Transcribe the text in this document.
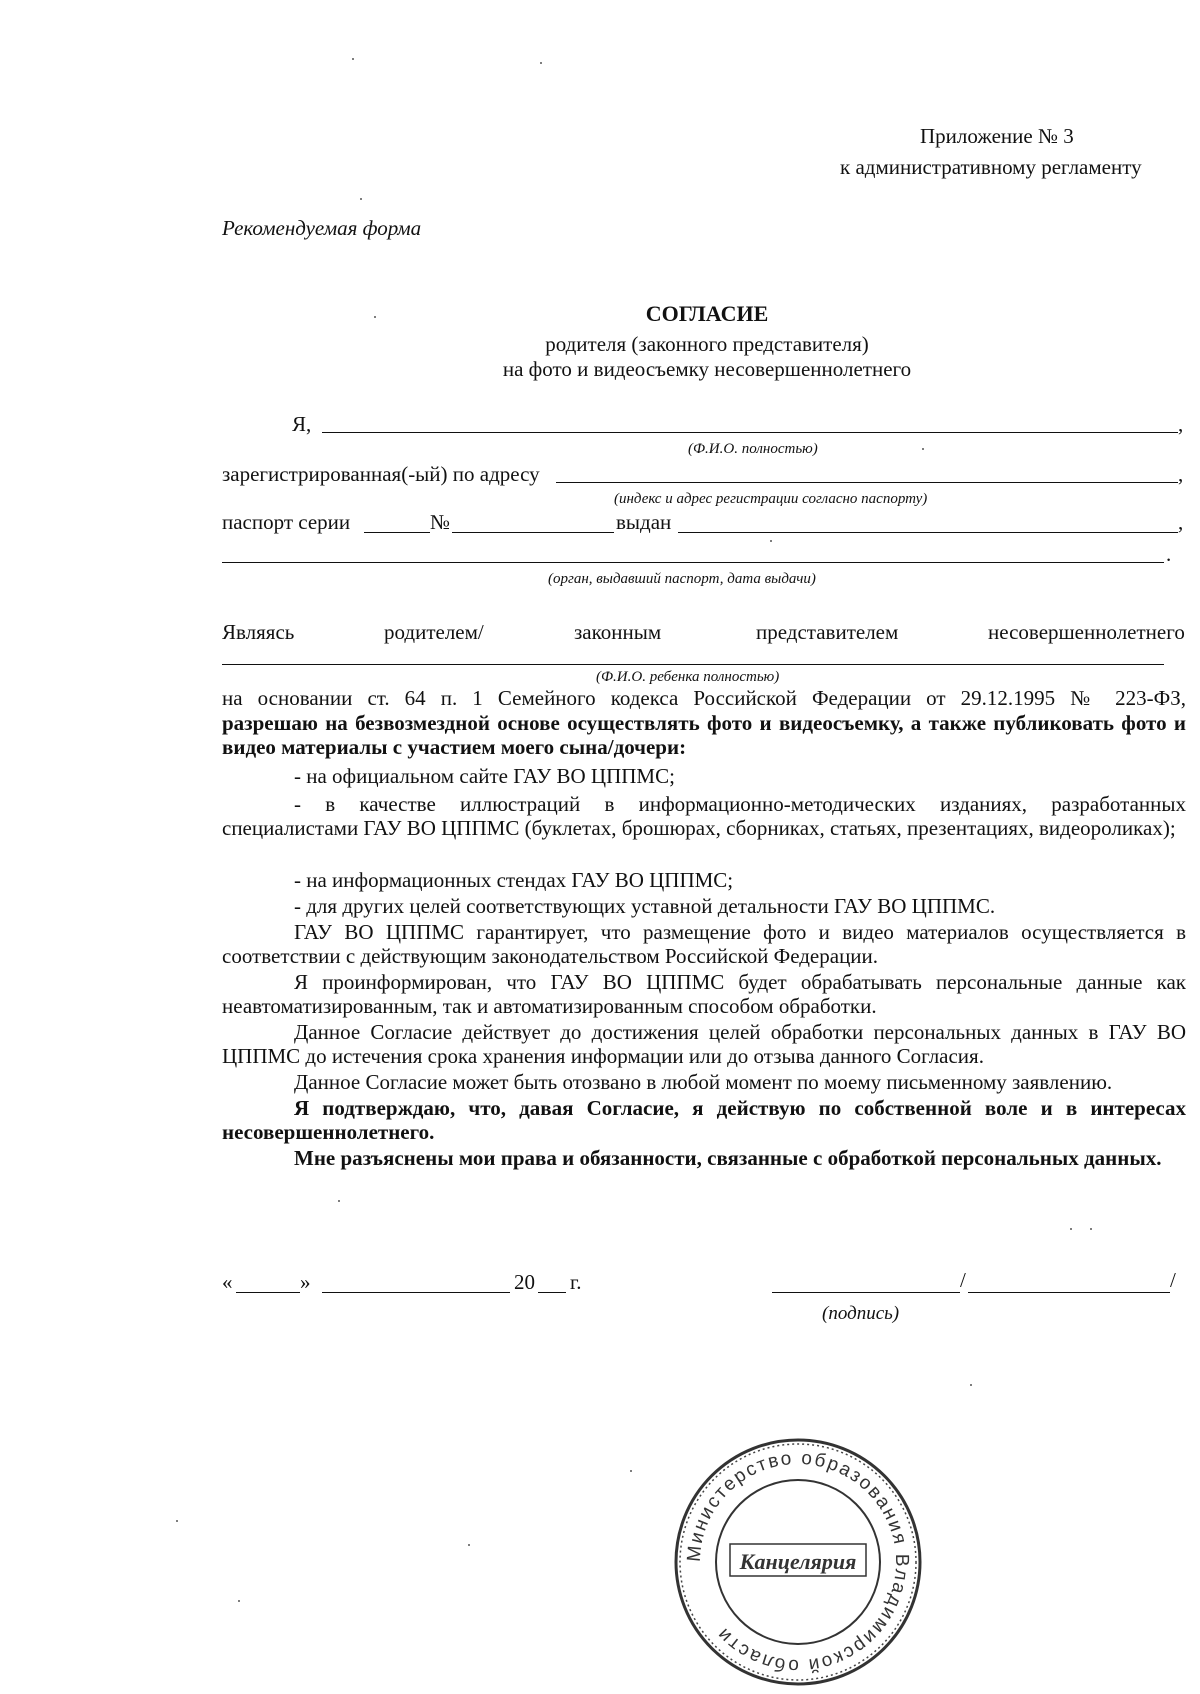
Приложение № 3
к административному регламенту
Рекомендуемая форма
СОГЛАСИЕ
родителя (законного представителя)
на фото и видеосъемку несовершеннолетнего
Я,	,
(Ф.И.О. полностью)
зарегистрированная(-ый) по адресу	,
(индекс и адрес регистрации согласно паспорту)
паспорт серии	№	выдан	,
.
(орган, выдавший паспорт, дата выдачи)
Являясь	родителем/	законным	представителем	несовершеннолетнего
(Ф.И.О. ребенка полностью)
на основании ст. 64 п. 1 Семейного кодекса Российской Федерации от 29.12.1995 № 223-ФЗ,
разрешаю на безвозмездной основе осуществлять фото и видеосъемку, а также публиковать фото и видео материалы с участием моего сына/дочери:
- на официальном сайте ГАУ ВО ЦППМС;
- в качестве иллюстраций в информационно-методических изданиях, разработанных специалистами ГАУ ВО ЦППМС (буклетах, брошюрах, сборниках, статьях, презентациях, видеороликах);
- на информационных стендах ГАУ ВО ЦППМС;
- для других целей соответствующих уставной детальности ГАУ ВО ЦППМС.
ГАУ ВО ЦППМС гарантирует, что размещение фото и видео материалов осуществляется в соответствии с действующим законодательством Российской Федерации.
Я проинформирован, что ГАУ ВО ЦППМС будет обрабатывать персональные данные как неавтоматизированным, так и автоматизированным способом обработки.
Данное Согласие действует до достижения целей обработки персональных данных в ГАУ ВО ЦППМС до истечения срока хранения информации или до отзыва данного Согласия.
Данное Согласие может быть отозвано в любой момент по моему письменному заявлению.
Я подтверждаю, что, давая Согласие, я действую по собственной воле и в интересах несовершеннолетнего.
Мне разъяснены мои права и обязанности, связанные с обработкой персональных данных.
«	»	20 г.	/	/
(подпись)
Министерство образования Владимирской области
Канцелярия
